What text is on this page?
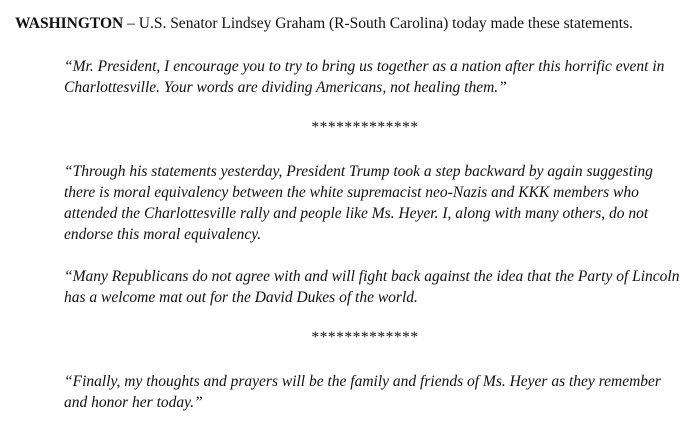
WASHINGTON – U.S. Senator Lindsey Graham (R-South Carolina) today made these statements.
“Mr. President, I encourage you to try to bring us together as a nation after this horrific event in Charlottesville. Your words are dividing Americans, not healing them.”
*************
“Through his statements yesterday, President Trump took a step backward by again suggesting there is moral equivalency between the white supremacist neo-Nazis and KKK members who attended the Charlottesville rally and people like Ms. Heyer. I, along with many others, do not endorse this moral equivalency.
“Many Republicans do not agree with and will fight back against the idea that the Party of Lincoln has a welcome mat out for the David Dukes of the world.
*************
“Finally, my thoughts and prayers will be the family and friends of Ms. Heyer as they remember and honor her today.”
